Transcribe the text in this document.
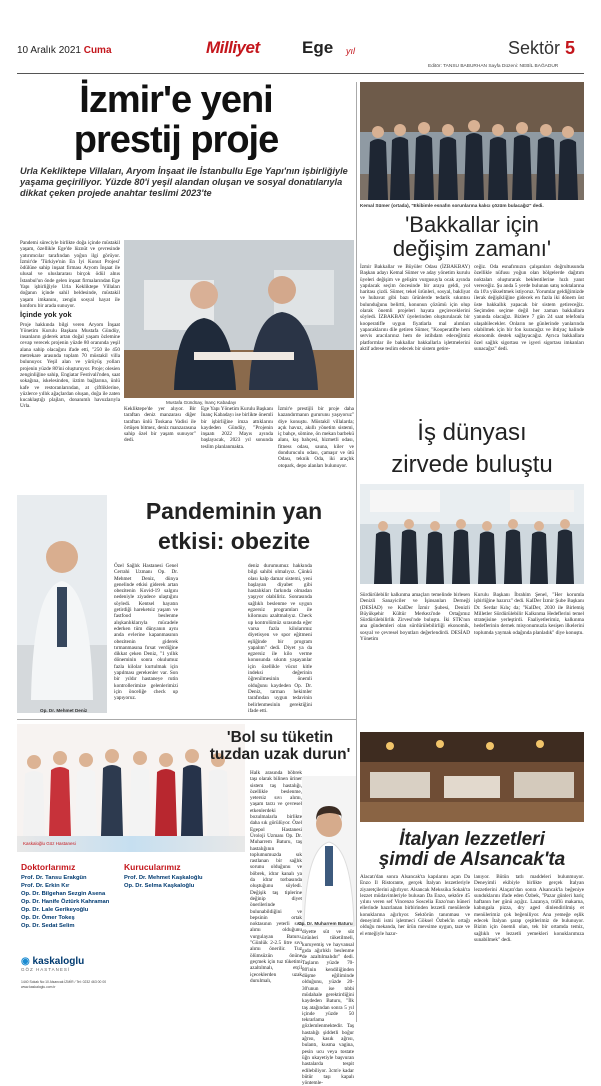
10 Aralık 2021 Cuma	Milliyet Ege yıl	Sektör 5
Editör: TANSU BABURHAN Sayfa Düzeni: NEBİL BAĞADUR
İzmir'e yeni
prestij proje
Urla Kekliktepe Villaları, Aryom İnşaat ile İstanbullu Ege Yapı'nın işbirliğiyle yaşama geçiriliyor. Yüzde 80'i yeşil alandan oluşan ve sosyal donatılarıyla dikkat çeken projede anahtar teslimi 2023'te

Pandemi süreciyle birlikte doğa içinde müstakil yaşam, özellikle Ege'de lüznüt ve çevresinde yatırımcılar tarafından yoğun ilgi görüyor. İzmir'de 'Türkiye'nin En İyi Konut Projesi' ödülüne sahip inşaat firması Aryom İnşaat ile ulusal ve uluslararası birçok ödül alnıs İstanbul'un önde gelen inşaat firmalarından Ege Yapı işbirliğiyle Urla Kekliktepe Villaları doğanın içinde sahil beldesinde, müstakil yaşam imkanını, zengin sosyal hayat ile konforu bir arada sunuyor.

İçinde yok yok

Proje hakkında bilgi veren Aryom İnşaat Yönetim Kurulu Başkanı Mustafa Gündüy, insanların giderek artan doğal yaşam özlemine cevap verecek projenin yüzde 80 oranında yeşil alana sahip olacağını ifade etti, "250 ile 450 metrekare arasında toplam 70 müstakil villa bulunuyor. Yeşil alan ve yürüyüş yolları projenin yüzde 80'ini oluşturuyor. Proje; olesien zenginliğine sahip, Engiatar Festivali'nden, saat sokağına, iskelesinden, iiztim bağlarına, ünlü kafe ve restoranlarından, at çiftliklerine, yüzlerce yıllık ağaçlardan oluşan, doğa ile zaten kucaklaştığı plajları, donanımlı havuzlarıyla Urla.

Mustafa Gündüay, İnanç Kabadayı
Kekliktepe'de yer alıyor. Bir taraftan deniz manzarası diğer taraftan ünlü Toskana Vadisi ile örtüşen bitmez, deniz manzarasına sahip özel bir yaşam sunuyor" dedi.
Ege Yapı Yönetim Kurulu Başkanı İnanç Kabadayı ise birlikte önemli bir işbirliğine imza attıklarını kaydeden Gündüy, "Projenin inşaatı 2022 Mayıs ayında başlayacak, 2023 yıl sonunda teslim planlanmakta.
İzmir'e prestijli bir proje daha kazandırmanın gururunu yaşıyoruz" diye konuştu. Müstakil villalarda; açık havuz, akıllı yönetim sistemi, iç bahçe, sömine, ön mekan barbekü alanı, kış bahçesi, hizmetli odası, fitness odası, sauna, kiler ve donduruculu odası, çamaşır ve ütü Odası, teknik Oda, iki araçlık otopark, depo alanları bulunuyor.
Kemal Sümer (ortada), "Ekibimle esnafın sorunlarına kalıcı çözüm bulacağız" dedi.
'Bakkallar için
değişim zamanı'
İzmir Bakkallar ve Büyüler Odası (İZBAKBAY) Başkan adayı Kemal Sümer ve aday yönetim kurulu üyeleri değişim ve gelişim vurgusuyla ocak ayında yapılacak seçim öncesinde bir araya geldi, yol haritası çizdi. Sümer, tekel ürünleri, sosyal, bakliyat ve hubavat gibi bazı ürünlerde tedarik sıkıntısı bulunduğunu belirtti, konunun çözümü için olup olarak önemli projeleri hayata geçireceklerini söyledi. İZBAKBAY üyelerinden oluşturulacak bir kooperatifle uygun fiyatlarla mal alımları yapacaklarını dile getiren Sümer, "Kooperatifte hem servis aracılarınız hem de istihdam edeceğimiz platformlar ile bakkallar bakkallarla işletmelerini aktif adrese teslim edecek bir sistem getire-
ceğiz. Oda esnafımızın çalışanları doğrultusunda özellikle nüfusu yoğun olan bölgelerde dağıtım noktaları oluşturarak beklentilerine hızlı yanıt vereceğiz. Şu anda 5 yerde bulunan satış noktalarına da 10'a yükseltmek istiyoruz. Yorumlar geldiğimizde ilerak değişikliğine gidecek en fazla iki dönem üst üste bakkallık yapacak bir sistem getireceğiz. Seçimden seçime değil her zaman bakkallara yanında olacağız. Bizlere 7 gün 24 saat telefonla ulaşabilecekler. Onların ne günlerinde yanlarında olabilmek için bir fon kuracağız ve ihtiyaç halinde ekonomik destek sağlayacağız. Ayrıca bakkallara özel sağlık sigortası ve işyeri sigortası imkanları sunacağız" dedi.
İş dünyası
zirvede buluştu
Sürdürülebilir kalkınma amaçları temelinde birlesen Denizli Sanayiciler ve İşinsanları Derneği (DESİAD) ve KalDer İzmir Şubesi, Denizli Büyükşehir Kültür Merkezi'nde Ortağımız Sürdürülebilirlik Zirvesi'nde buluştu. İki STK'nın ana gündemleri olan sürdürülebilirliği ekonomik, sosyal ve çevresel boyutları değerlendirdi. DESİAD Yönetim
Kurulu Başkanı İbrahim Şenel, "Her korumla işbirliğine hazırız" dedi. KalDer İzmir Şube Başkanı Dr. Serdar Kılıç da; "KalDer, 2030 ile Birlemiş Milletler Sürdürülebilir Kalkınma Hedeflerini temel stratejisine yerleştirdi. Faaliyetlerimiz, kalkınma hedeflerinin dernek misyonumuzla kesişen ilkelerini toplumda yaymak odağında planladık" diye konuştu.
Op. Dr. Mehmet Deniz
Pandeminin yan
etkisi: obezite
Özel Sağlık Hastanesi Genel Cerrahi Uzmanı Op. Dr. Mehmet Deniz, dünya genelinde etkisi giderek artan obezitenin Kovid-19 salgını nedeniyle ziyadece ulaştığını söyledi. Kentsel hayatın getirdiği hareketsiz yaşam ve fastfood beslenme alışkanlıklarıyla mücadele ederken tüm dünyanın aynı anda evlerine kapanmasının obezitenin giderek tırmanmasına fırsat verdiğine dikkat çeken Deniz, "1 yıllık döneminin sonra okulumuz fazla kilolar kurtulmak için yapılması gerekenler var. Son bir yıldır hastaneye rutin kontrollerimize gelenlerimizi için önceliğe check up yapıyoruz.
deniz durumumuz hakkında bilgi sahibi olmalıyız. Çünkü olası kalp damar sistemi, yeni başlayan diyabet gibi hastalıkları farkında olmadan yaşıyor olabiliriz. Sonrasında sağlıklı beslenme ve uygun egzersiz programları ile kilomuzu azaltmalıyız. Check up kontrolümüz sırasında eğer varsa fazla kilolarımız diyetisyen ve spor eğitmeni eşliğinde bir program yapalım" dedi. Diyet ya da egzersiz ile kilo verme konusunda sıkıntı yaşayanlar için özellikle vücut kitle indeksi değerinin öğrenilmesinin önemli olduğunu kaydeden Op. Dr. Deniz, tarman hekimler tarafından uygun tedavinin belirlenmesinin gerektiğini ifade etti.
Kaskaloğlu Göz Hastanesi
Doktorlarımız	Kurucularımız
Prof. Dr. Tansu Erakgün
Prof. Dr. Erkin Kır
Op. Dr. Bilgehan Sezgin Asena
Op. Dr. Hanife Öztürk Kahraman
Op. Dr. Lale Gerikeyoğlu
Op. Dr. Ömer Tokeş
Op. Dr. Sedat Selim
Prof. Dr. Mehmet Kaşkaloğlu
Op. Dr. Selma Kaşkaloğlu
◉ kaskaloglu
GÖZ HASTANESİ
1440 Sokak No:10 Alsancak İZMİR / Tel: 0232 463 00 00 www.kaskaloglu.com.tr
'Bol su tüketin
tuzdan uzak durun'
Halk arasında böbrek taşı olarak bilinen üriner sistem taş hastalığı, özellikle beslenme, yetersiz sıvı alımı, yaşam tarzı ve çevresel etkenlerdeki bozulmalarla birlikte daha sık görülüyor. Özel Egepol Hastanesi Üroloji Uzmanı Op. Dr. Muharrem Baturu, taş hastalığının toplumumuzda sık rastlanan bir sağlık sorunu olduğunu ve böbrek, idrar kanalı ya da idrar torbasında oluştuğunu söyledi. Değişik taş tiplerine değinip diyet önerilerinde bulunabildiğini ve bepsinin ortak noktasının yeterli sıvı alımı olduğunu vurgulayan Baturu, "Günlük 2-2.5 litre sıvı alımı önerilir. Tuz ölümsüzün önüne geçmek için tuz tüketimi azaltılmalı, etçil içeceklerden uzak durulmalı,
Op. Dr. Muharrem Baturu
diyette süt ve süt ürünleri tüketilmeli, kuruyemiş ve hayvansal gıda ağırlıklı beslenme de azaltılmalıdır" dedi. Taşların yüzde 70-80'inin kendiliğinden düşme eğiliminde olduğunu, yüzde 20-30'unun ise tıbbi müdahale gerektirdiğini kaydeden Baturu, "İlk taş atağından sonra 5 yıl içinde yüzde 50 tekrarlama gözlemlenmektedir. Taş hastalığı şiddetli boğur ağrısı, kasık ağrısı, bulantı, kusma vagina, pesin ucu veya tostate üğn ukayetiyle başvuran hastalarda tespit edilebiliyor. 3cm'e kadar bütür taşı kapalı yöntemle-
İtalyan lezzetleri
şimdi de Alsancak'ta
Alacatı'dan sonra Alsancak'ta kapılarını açan Da Enzo Il Ristorante, gerçek İtalyan lezzetleriyle ziyaretçilerini ağırlıyor. Alsancak Mekssika Sokak'ta lezzet müdavimleriyle bulusan Da Enzo, sektöre 45 yılını veren sef Vincenzo Soscelia Enzo'nun hüneri ellerinde hazırlanan birbirinden lezzetli menülerde konuklarına ağırlıyor. Sektörün tanınması ve deneyimli ismi işletmeci Göksel Özbek'in ortağı olduğu mekanda, her ürün mevsime uygun, taze ve el emeğiyle hazır-
lanıyor. Bütün tatlı maddeleri bulunmuyor. Deneyimli ekibiyle birlikte gerçek İtalyan lezzetlerini Alaçatı'dan sonra Alsancak'la beğeniye sunduklarını ifade eden Özbek, "Pazar günleri hariç haftanın her günü açığız. Lazanya, trüflü makarna, kabıngala pizza, dry aged dinlendirilmiş et menülerimiz çok beğeniliyor. Ana yemeğe eşlik edecek İtalyan şarap çeşitlerimiz de bulunuyor. Bizim için önemli olan, tek bir ortamda temiz, sağlıklı ve lezzetli yemekleri konuklarımıza sunabilmek" dedi.
